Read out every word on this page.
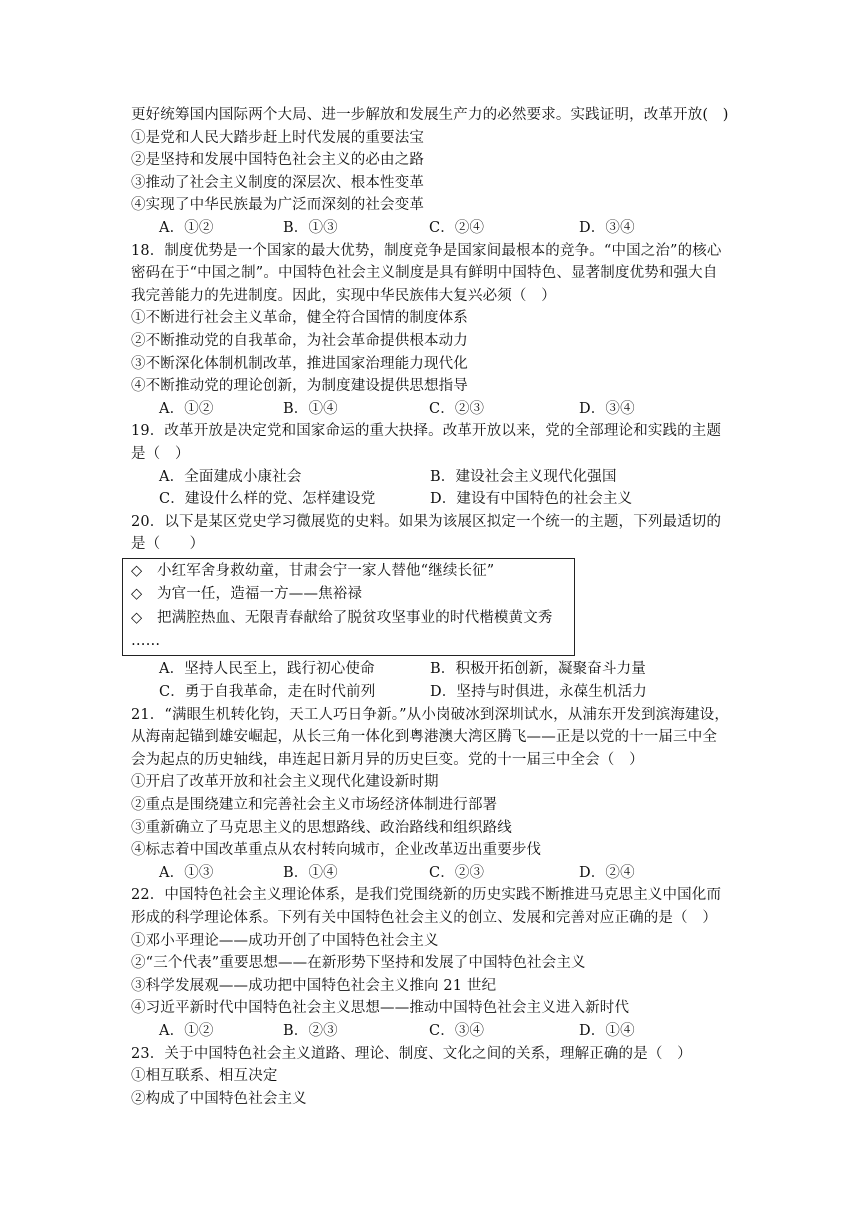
更好统筹国内国际两个大局、进一步解放和发展生产力的必然要求。实践证明，改革开放(　)
①是党和人民大踏步赶上时代发展的重要法宝
②是坚持和发展中国特色社会主义的必由之路
③推动了社会主义制度的深层次、根本性变革
④实现了中华民族最为广泛而深刻的社会变革
A．①②	B．①③	C．②④	D．③④
18．制度优势是一个国家的最大优势，制度竞争是国家间最根本的竞争。“中国之治”的核心
密码在于“中国之制”。中国特色社会主义制度是具有鲜明中国特色、显著制度优势和强大自
我完善能力的先进制度。因此，实现中华民族伟大复兴必须（　）
①不断进行社会主义革命，健全符合国情的制度体系
②不断推动党的自我革命，为社会革命提供根本动力
③不断深化体制机制改革，推进国家治理能力现代化
④不断推动党的理论创新，为制度建设提供思想指导
A．①②	B．①④	C．②③	D．③④
19．改革开放是决定党和国家命运的重大抉择。改革开放以来，党的全部理论和实践的主题
是（　）
A．全面建成小康社会	B．建设社会主义现代化强国
C．建设什么样的党、怎样建设党	D．建设有中国特色的社会主义
20．以下是某区党史学习微展览的史料。如果为该展区拟定一个统一的主题，下列最适切的
是（　　）
◇　小红军舍身救幼童，甘肃会宁一家人替他“继续长征”
◇　为官一任，造福一方——焦裕禄
◇　把满腔热血、无限青春献给了脱贫攻坚事业的时代楷模黄文秀
……
A．坚持人民至上，践行初心使命	B．积极开拓创新，凝聚奋斗力量
C．勇于自我革命，走在时代前列	D．坚持与时俱进，永葆生机活力
21．“满眼生机转化钧，天工人巧日争新。”从小岗破冰到深圳试水，从浦东开发到滨海建设，
从海南起锚到雄安崛起，从长三角一体化到粤港澳大湾区腾飞——正是以党的十一届三中全
会为起点的历史轴线，串连起日新月异的历史巨变。党的十一届三中全会（　）
①开启了改革开放和社会主义现代化建设新时期
②重点是围绕建立和完善社会主义市场经济体制进行部署
③重新确立了马克思主义的思想路线、政治路线和组织路线
④标志着中国改革重点从农村转向城市，企业改革迈出重要步伐
A．①③	B．①④	C．②③	D．②④
22．中国特色社会主义理论体系，是我们党围绕新的历史实践不断推进马克思主义中国化而
形成的科学理论体系。下列有关中国特色社会主义的创立、发展和完善对应正确的是（　）
①邓小平理论——成功开创了中国特色社会主义
②“三个代表”重要思想——在新形势下坚持和发展了中国特色社会主义
③科学发展观——成功把中国特色社会主义推向 21 世纪
④习近平新时代中国特色社会主义思想——推动中国特色社会主义进入新时代
A．①②	B．②③	C．③④	D．①④
23．关于中国特色社会主义道路、理论、制度、文化之间的关系，理解正确的是（　）
①相互联系、相互决定
②构成了中国特色社会主义
